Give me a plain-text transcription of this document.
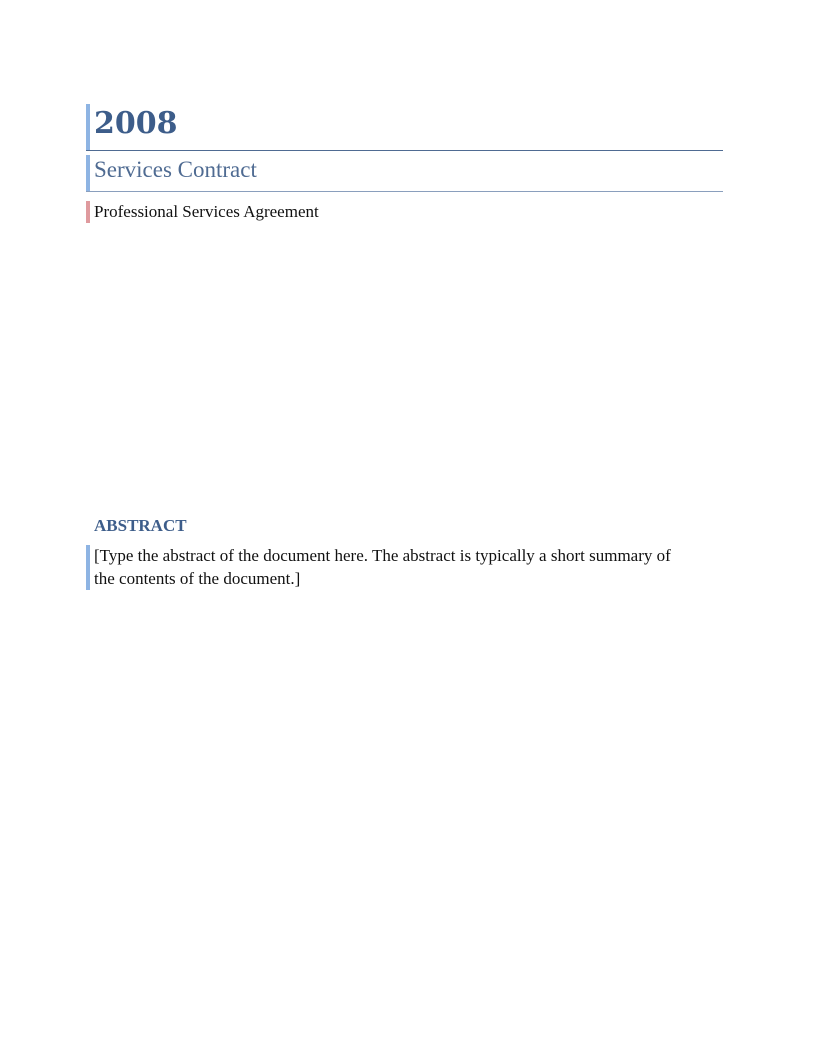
2008
Services Contract
Professional Services Agreement
ABSTRACT
[Type the abstract of the document here. The abstract is typically a short summary of the contents of the document.]
